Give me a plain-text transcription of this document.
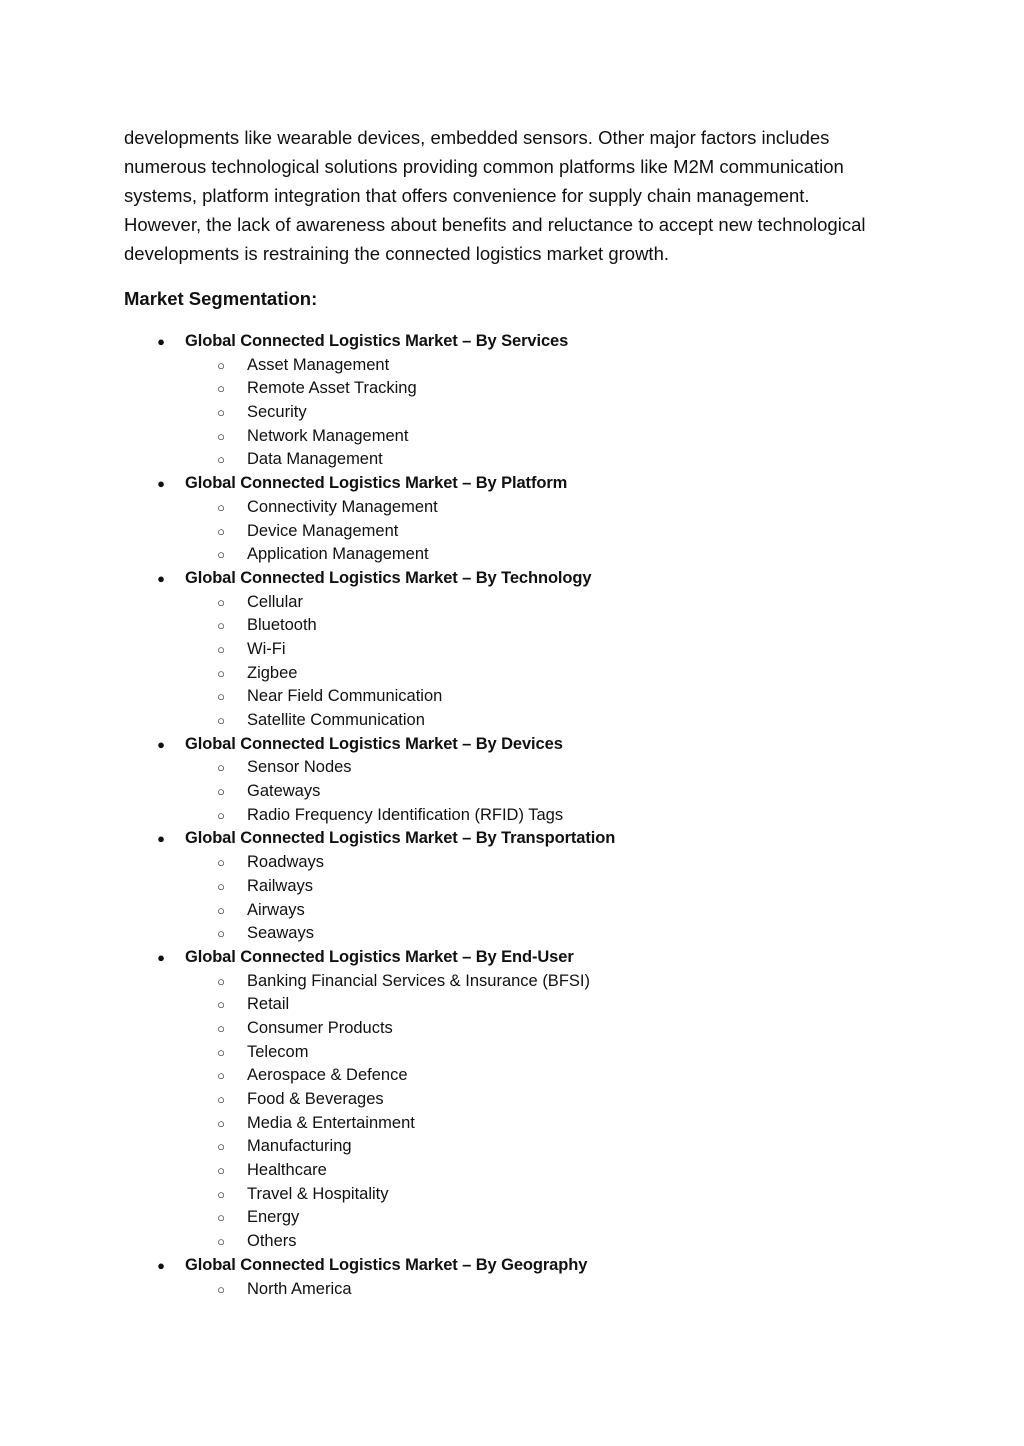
developments like wearable devices, embedded sensors. Other major factors includes
numerous technological solutions providing common platforms like M2M communication
systems, platform integration that offers convenience for supply chain management.
However, the lack of awareness about benefits and reluctance to accept new technological
developments is restraining the connected logistics market growth.

Market Segmentation:
● Global Connected Logistics Market – By Services
○ Asset Management
○ Remote Asset Tracking
○ Security
○ Network Management
○ Data Management
● Global Connected Logistics Market – By Platform
○ Connectivity Management
○ Device Management
○ Application Management
● Global Connected Logistics Market – By Technology
○ Cellular
○ Bluetooth
○ Wi-Fi
○ Zigbee
○ Near Field Communication
○ Satellite Communication
● Global Connected Logistics Market – By Devices
○ Sensor Nodes
○ Gateways
○ Radio Frequency Identification (RFID) Tags
● Global Connected Logistics Market – By Transportation
○ Roadways
○ Railways
○ Airways
○ Seaways
● Global Connected Logistics Market – By End-User
○ Banking Financial Services & Insurance (BFSI)
○ Retail
○ Consumer Products
○ Telecom
○ Aerospace & Defence
○ Food & Beverages
○ Media & Entertainment
○ Manufacturing
○ Healthcare
○ Travel & Hospitality
○ Energy
○ Others
● Global Connected Logistics Market – By Geography
○ North America
